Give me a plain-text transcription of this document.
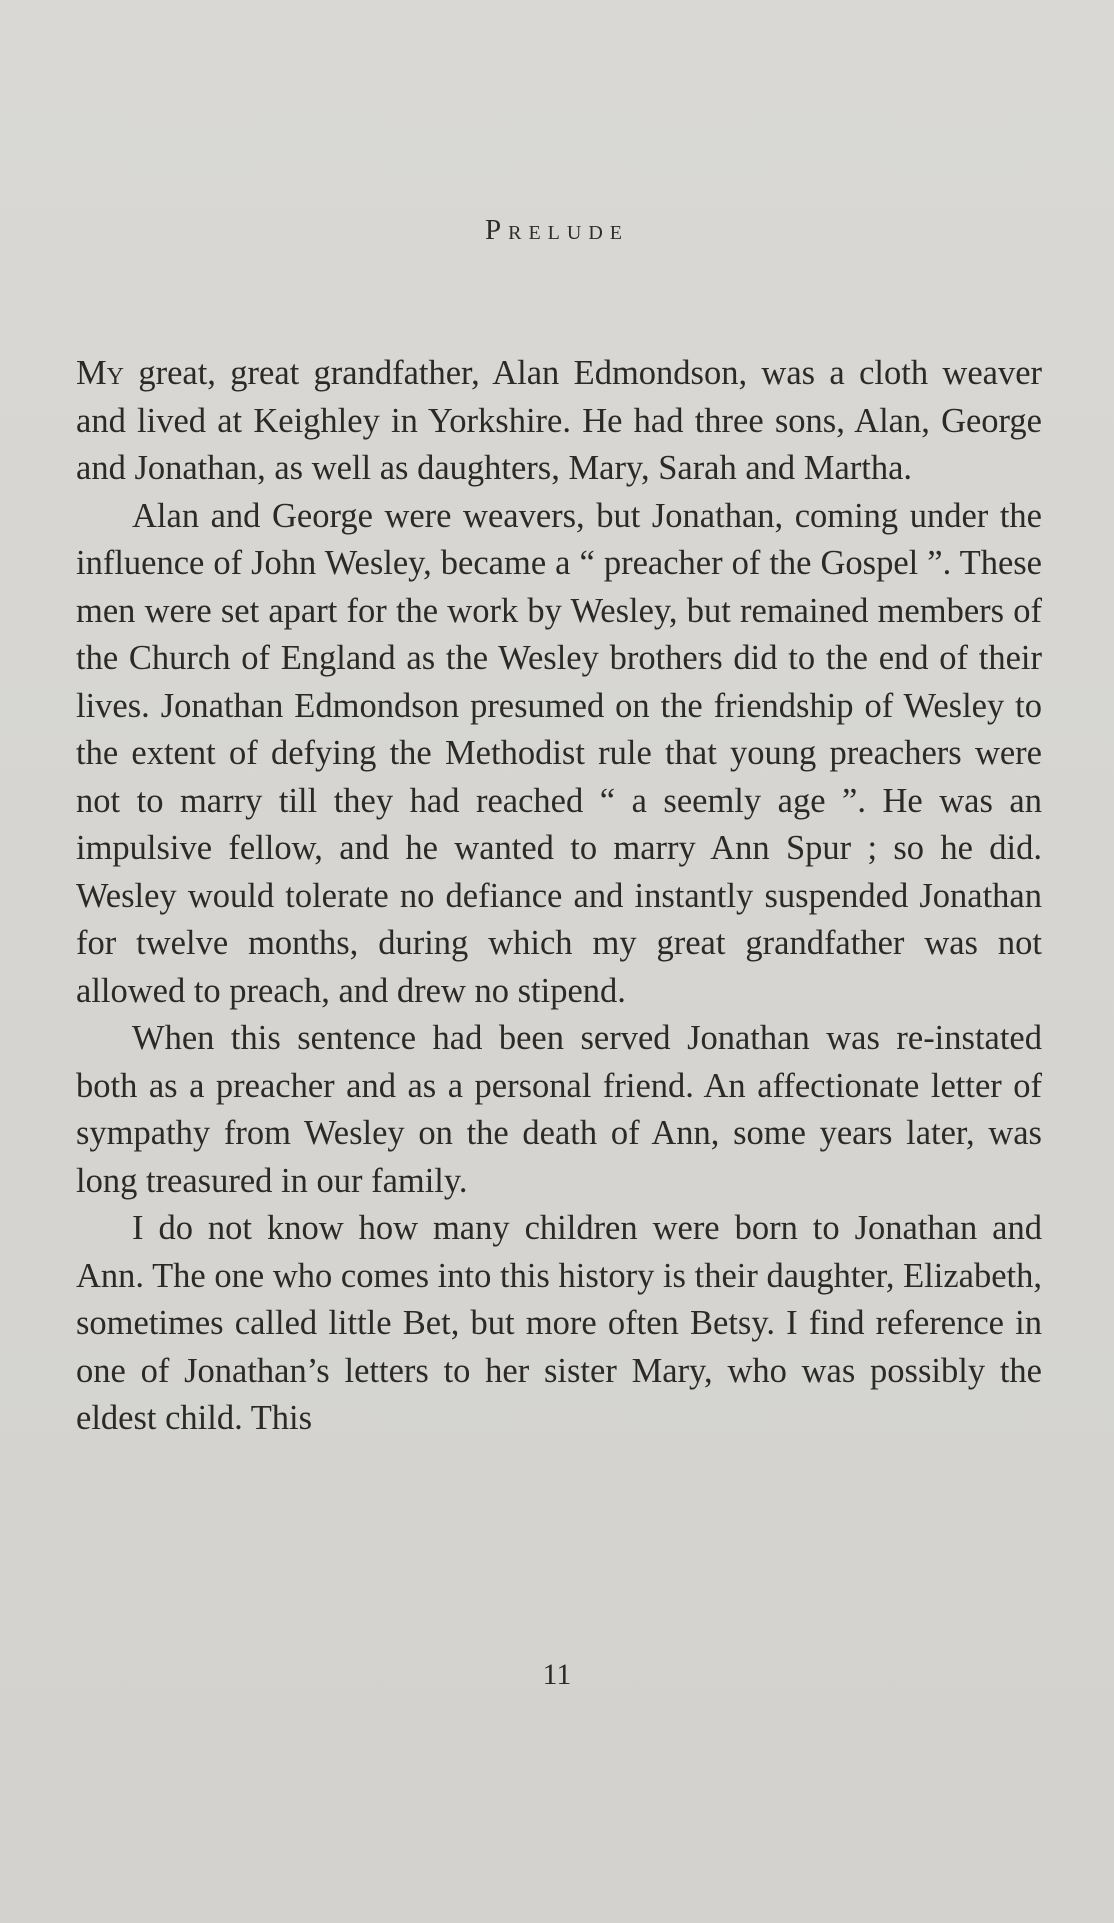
Prelude

My great, great grandfather, Alan Edmondson, was a cloth weaver and lived at Keighley in Yorkshire. He had three sons, Alan, George and Jonathan, as well as daughters, Mary, Sarah and Martha.

Alan and George were weavers, but Jonathan, coming under the influence of John Wesley, became a “ preacher of the Gospel ”. These men were set apart for the work by Wesley, but remained members of the Church of England as the Wesley brothers did to the end of their lives. Jonathan Edmondson presumed on the friendship of Wesley to the extent of defying the Methodist rule that young preachers were not to marry till they had reached “ a seemly age ”. He was an impulsive fellow, and he wanted to marry Ann Spur ; so he did. Wesley would tolerate no defiance and instantly suspended Jonathan for twelve months, during which my great grandfather was not allowed to preach, and drew no stipend.

When this sentence had been served Jonathan was re-instated both as a preacher and as a personal friend. An affectionate letter of sympathy from Wesley on the death of Ann, some years later, was long treasured in our family.

I do not know how many children were born to Jonathan and Ann. The one who comes into this history is their daughter, Elizabeth, sometimes called little Bet, but more often Betsy. I find reference in one of Jonathan’s letters to her sister Mary, who was possibly the eldest child. This

11
